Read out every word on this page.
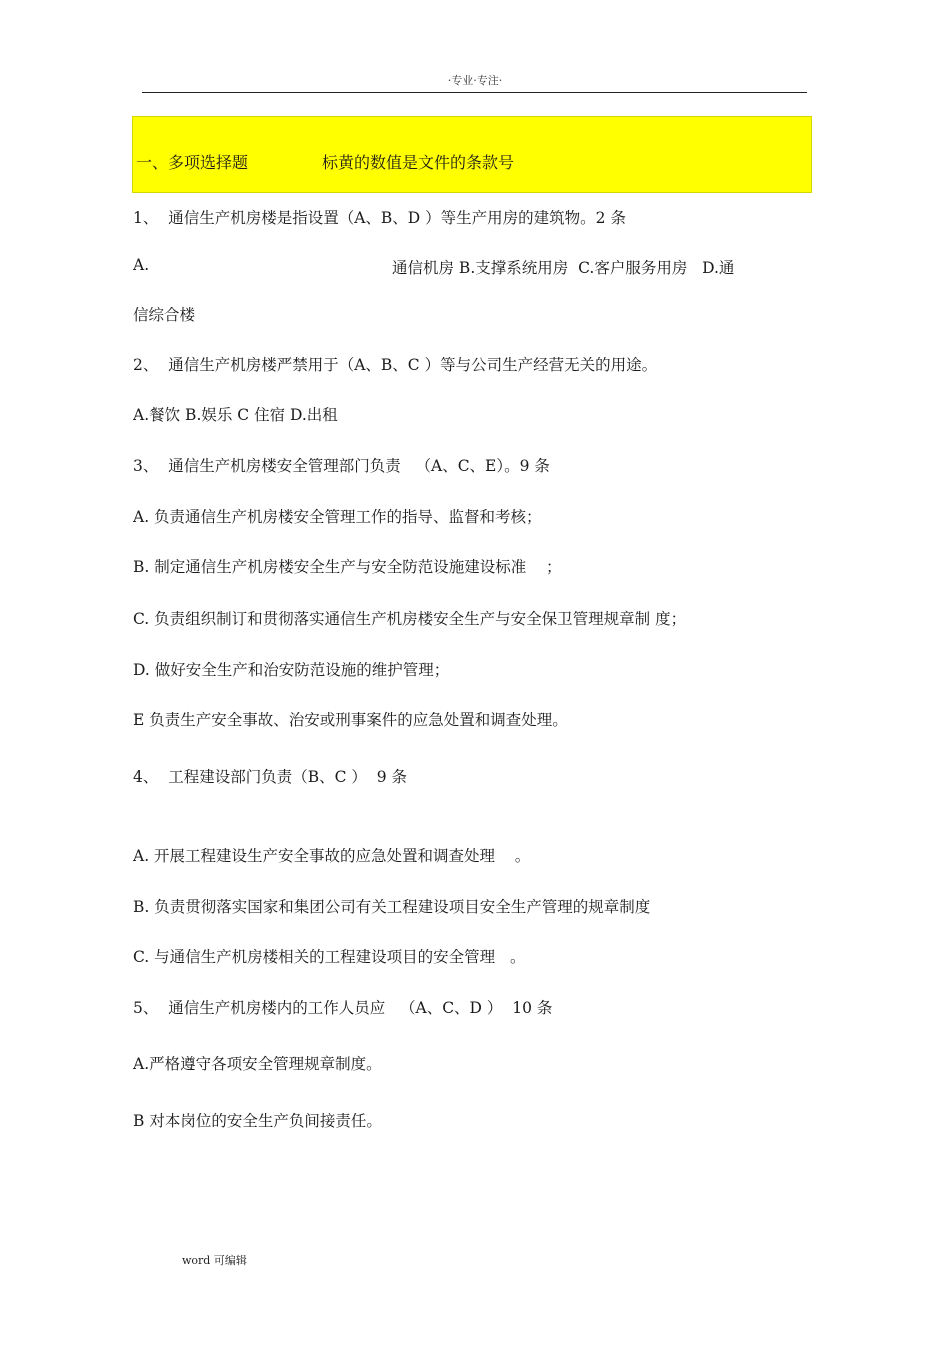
·专业·专注·
一、多项选择题	标黄的数值是文件的条款号
1、  通信生产机房楼是指设置（A、B、D ）等生产用房的建筑物。2 条
A.	通信机房 B.支撑系统用房  C.客户服务用房   D.通
信综合楼
2、  通信生产机房楼严禁用于（A、B、C ）等与公司生产经营无关的用途。
A.餐饮 B.娱乐 C 住宿 D.出租
3、  通信生产机房楼安全管理部门负责   （A、C、E）。9 条
A. 负责通信生产机房楼安全管理工作的指导、监督和考核；
B. 制定通信生产机房楼安全生产与安全防范设施建设标准    ；
C. 负责组织制订和贯彻落实通信生产机房楼安全生产与安全保卫管理规章制 度；
D. 做好安全生产和治安防范设施的维护管理；
E 负责生产安全事故、治安或刑事案件的应急处置和调查处理。
4、  工程建设部门负责（B、C ）  9 条
A. 开展工程建设生产安全事故的应急处置和调查处理    。
B. 负责贯彻落实国家和集团公司有关工程建设项目安全生产管理的规章制度
C. 与通信生产机房楼相关的工程建设项目的安全管理   。
5、  通信生产机房楼内的工作人员应   （A、C、D ）  10 条
A.严格遵守各项安全管理规章制度。
B 对本岗位的安全生产负间接责任。
word 可编辑
